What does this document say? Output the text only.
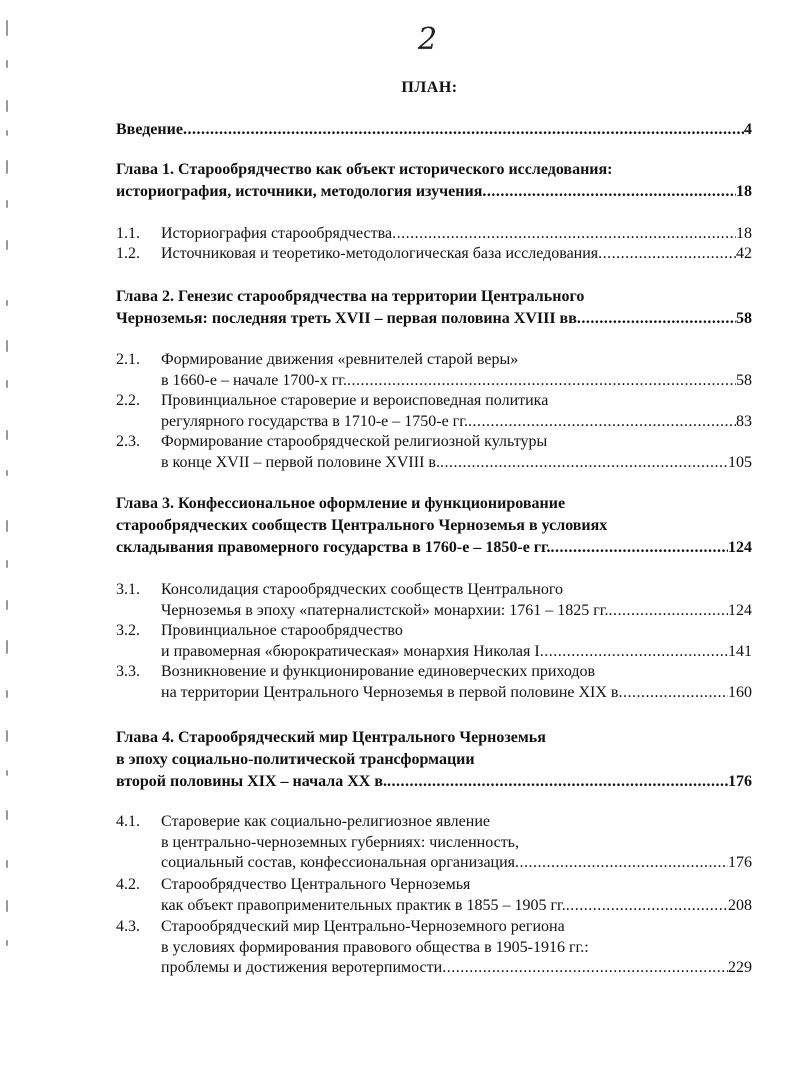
2
ПЛАН:
Введение .....	4
Глава 1. Старообрядчество как объект исторического исследования:
историография, источники, методология изучения .....	18
1.1. Историография старообрядчества .....	18
1.2. Источниковая и теоретико-методологическая база исследования .....	42
Глава 2. Генезис старообрядчества на территории Центрального
Черноземья: последняя треть XVII – первая половина XVIII вв .....	58
2.1. Формирование движения «ревнителей старой веры»
в 1660-е – начале 1700-х гг. .....	58
2.2. Провинциальное староверие и вероисповедная политика
регулярного государства в 1710-е – 1750-е гг. .....	83
2.3. Формирование старообрядческой религиозной культуры
в конце XVII – первой половине XVIII в. .....	105
Глава 3. Конфессиональное оформление и функционирование
старообрядческих сообществ Центрального Черноземья в условиях
складывания правомерного государства в 1760-е – 1850-е гг. .....	124
3.1. Консолидация старообрядческих сообществ Центрального
Черноземья в эпоху «патерналистской» монархии: 1761 – 1825 гг. .....	124
3.2. Провинциальное старообрядчество
и правомерная «бюрократическая» монархия Николая I .....	141
3.3. Возникновение и функционирование единоверческих приходов
на территории Центрального Черноземья в первой половине XIX в .....	160
Глава 4. Старообрядческий мир Центрального Черноземья
в эпоху социально-политической трансформации
второй половины XIX – начала XX в. .....	176
4.1. Староверие как социально-религиозное явление
в центрально-черноземных губерниях: численность,
социальный состав, конфессиональная организация .....	176
4.2. Старообрядчество Центрального Черноземья
как объект правоприменительных практик в 1855 – 1905 гг. .....	208
4.3. Старообрядческий мир Центрально-Черноземного региона
в условиях формирования правового общества в 1905-1916 гг.:
проблемы и достижения веротерпимости .....	229
